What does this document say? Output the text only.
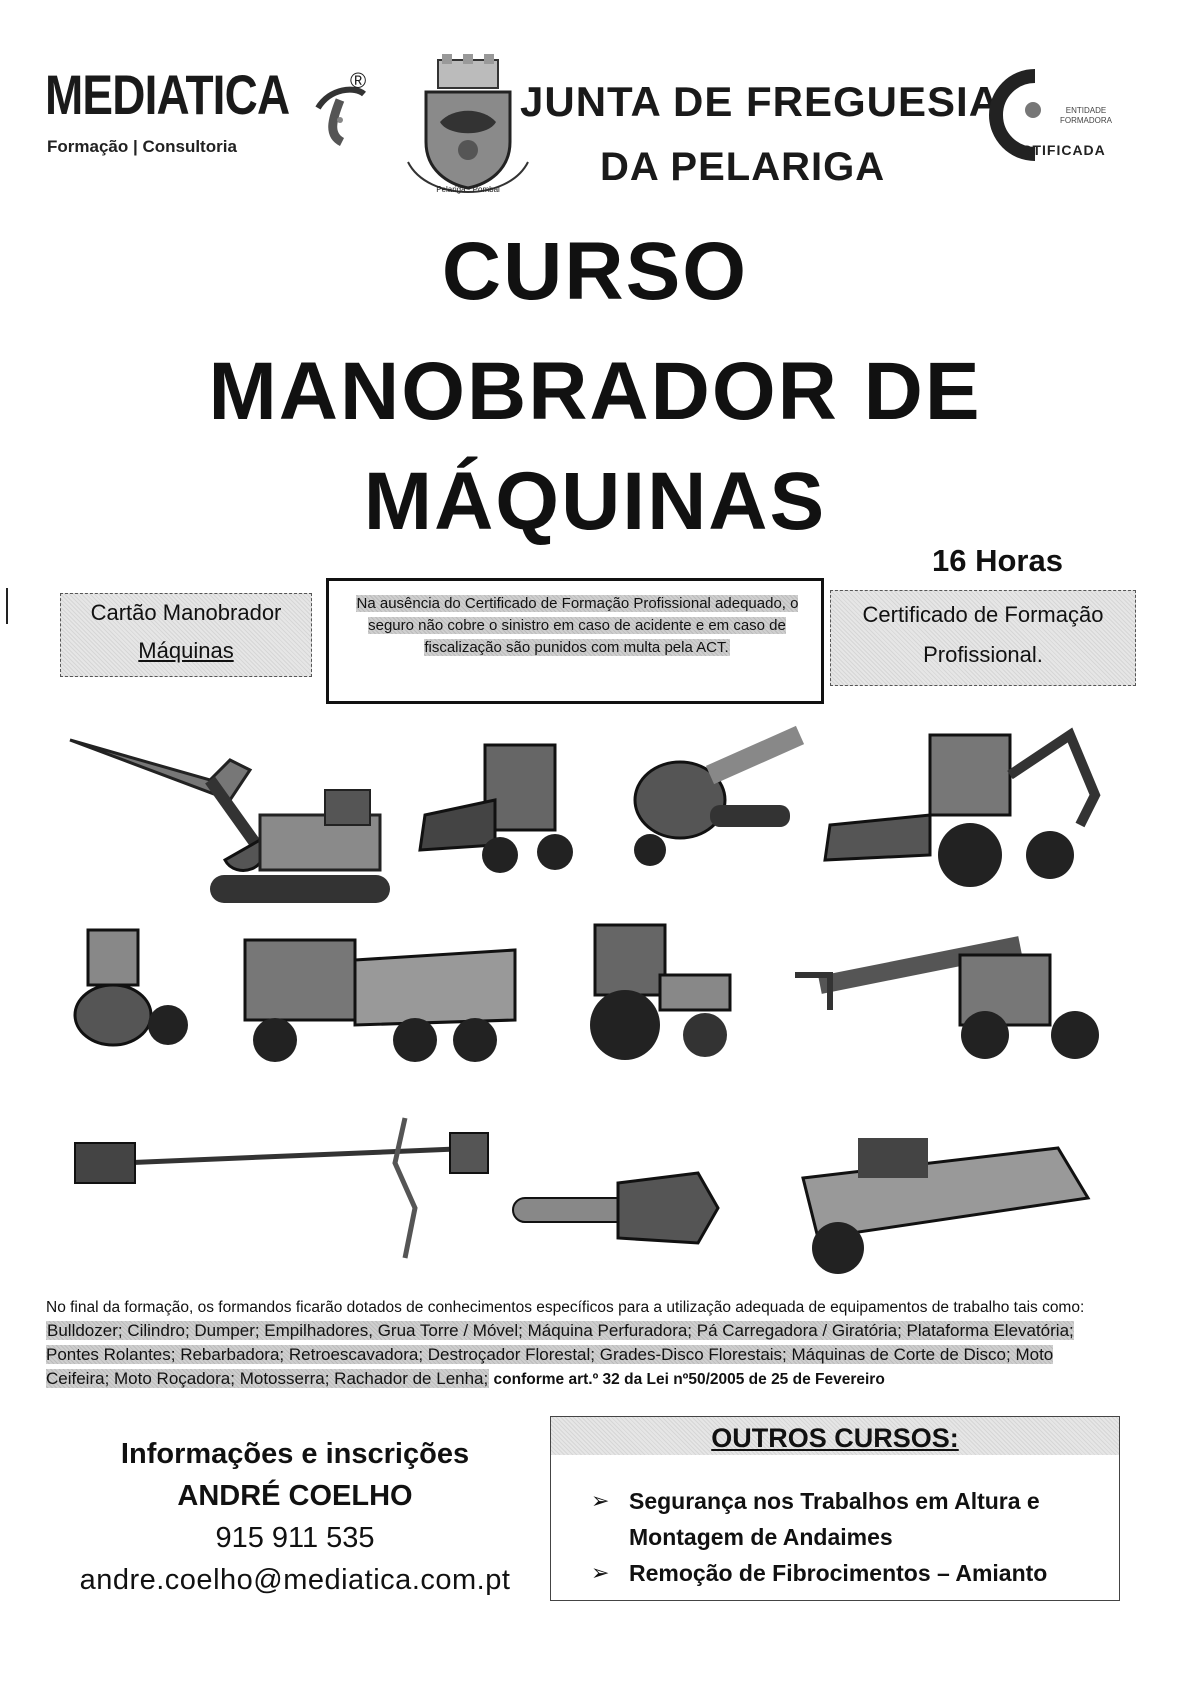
MEDIATICA	®
Formação | Consultoria
Pelariga · Pombal
JUNTA DE FREGUESIA
DA PELARIGA
ENTIDADE FORMADORA
ERTIFICADA
CURSO
MANOBRADOR DE
MÁQUINAS
16 Horas
Cartão Manobrador
Máquinas
Na ausência do Certificado de Formação Profissional adequado, o seguro não cobre o sinistro em caso de acidente e em caso de fiscalização são punidos com multa pela ACT.
Certificado de Formação
Profissional.
No final da formação, os formandos ficarão dotados de conhecimentos específicos para a utilização adequada de equipamentos de trabalho tais como: Bulldozer; Cilindro; Dumper; Empilhadores, Grua Torre / Móvel; Máquina Perfuradora; Pá Carregadora / Giratória; Plataforma Elevatória; Pontes Rolantes; Rebarbadora; Retroescavadora; Destroçador Florestal; Grades-Disco Florestais; Máquinas de Corte de Disco; Moto Ceifeira; Moto Roçadora; Motosserra; Rachador de Lenha; conforme art.º 32 da Lei nº50/2005 de 25 de Fevereiro
Informações e inscrições
ANDRÉ COELHO
915 911 535
andre.coelho@mediatica.com.pt
OUTROS CURSOS:
➢ Segurança nos Trabalhos em Altura e Montagem de Andaimes
➢ Remoção de Fibrocimentos – Amianto
